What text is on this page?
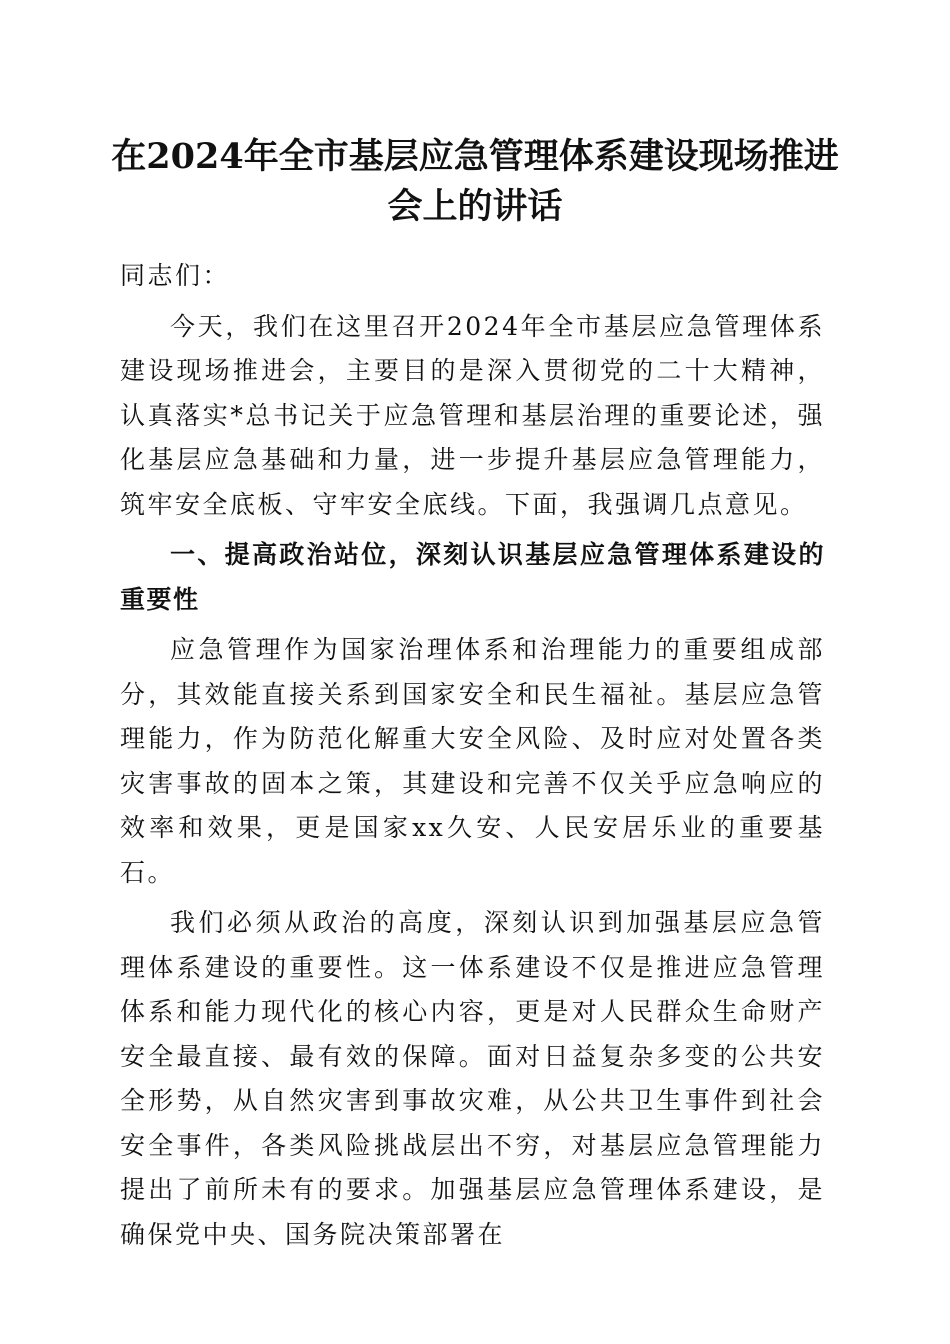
在2024年全市基层应急管理体系建设现场推进会上的讲话

同志们：

今天，我们在这里召开2024年全市基层应急管理体系建设现场推进会，主要目的是深入贯彻党的二十大精神，认真落实*总书记关于应急管理和基层治理的重要论述，强化基层应急基础和力量，进一步提升基层应急管理能力，筑牢安全底板、守牢安全底线。下面，我强调几点意见。

一、提高政治站位，深刻认识基层应急管理体系建设的重要性

应急管理作为国家治理体系和治理能力的重要组成部分，其效能直接关系到国家安全和民生福祉。基层应急管理能力，作为防范化解重大安全风险、及时应对处置各类灾害事故的固本之策，其建设和完善不仅关乎应急响应的效率和效果，更是国家xx久安、人民安居乐业的重要基石。

我们必须从政治的高度，深刻认识到加强基层应急管理体系建设的重要性。这一体系建设不仅是推进应急管理体系和能力现代化的核心内容，更是对人民群众生命财产安全最直接、最有效的保障。面对日益复杂多变的公共安全形势，从自然灾害到事故灾难，从公共卫生事件到社会安全事件，各类风险挑战层出不穷，对基层应急管理能力提出了前所未有的要求。加强基层应急管理体系建设，是确保党中央、国务院决策部署在
